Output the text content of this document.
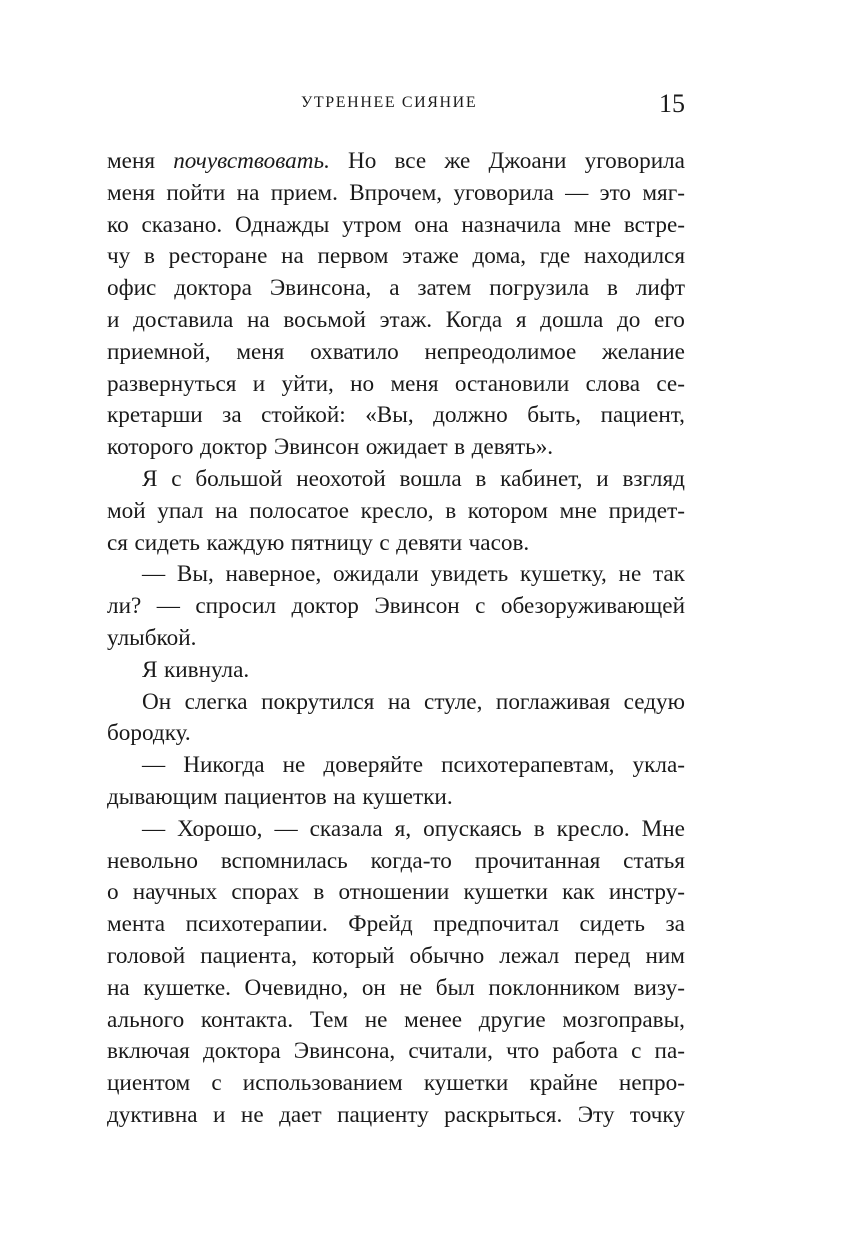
УТРЕННЕЕ СИЯНИЕ	15
меня почувствовать. Но все же Джоани уговорила
меня пойти на прием. Впрочем, уговорила — это мяг-
ко сказано. Однажды утром она назначила мне встре-
чу в ресторане на первом этаже дома, где находился
офис доктора Эвинсона, а затем погрузила в лифт
и доставила на восьмой этаж. Когда я дошла до его
приемной, меня охватило непреодолимое желание
развернуться и уйти, но меня остановили слова се-
кретарши за стойкой: «Вы, должно быть, пациент,
которого доктор Эвинсон ожидает в девять».
Я с большой неохотой вошла в кабинет, и взгляд
мой упал на полосатое кресло, в котором мне придет-
ся сидеть каждую пятницу с девяти часов.
— Вы, наверное, ожидали увидеть кушетку, не так
ли? — спросил доктор Эвинсон с обезоруживающей
улыбкой.
Я кивнула.
Он слегка покрутился на стуле, поглаживая седую
бородку.
— Никогда не доверяйте психотерапевтам, укла-
дывающим пациентов на кушетки.
— Хорошо, — сказала я, опускаясь в кресло. Мне
невольно вспомнилась когда-то прочитанная статья
о научных спорах в отношении кушетки как инстру-
мента психотерапии. Фрейд предпочитал сидеть за
головой пациента, который обычно лежал перед ним
на кушетке. Очевидно, он не был поклонником визу-
ального контакта. Тем не менее другие мозгоправы,
включая доктора Эвинсона, считали, что работа с па-
циентом с использованием кушетки крайне непро-
дуктивна и не дает пациенту раскрыться. Эту точку
